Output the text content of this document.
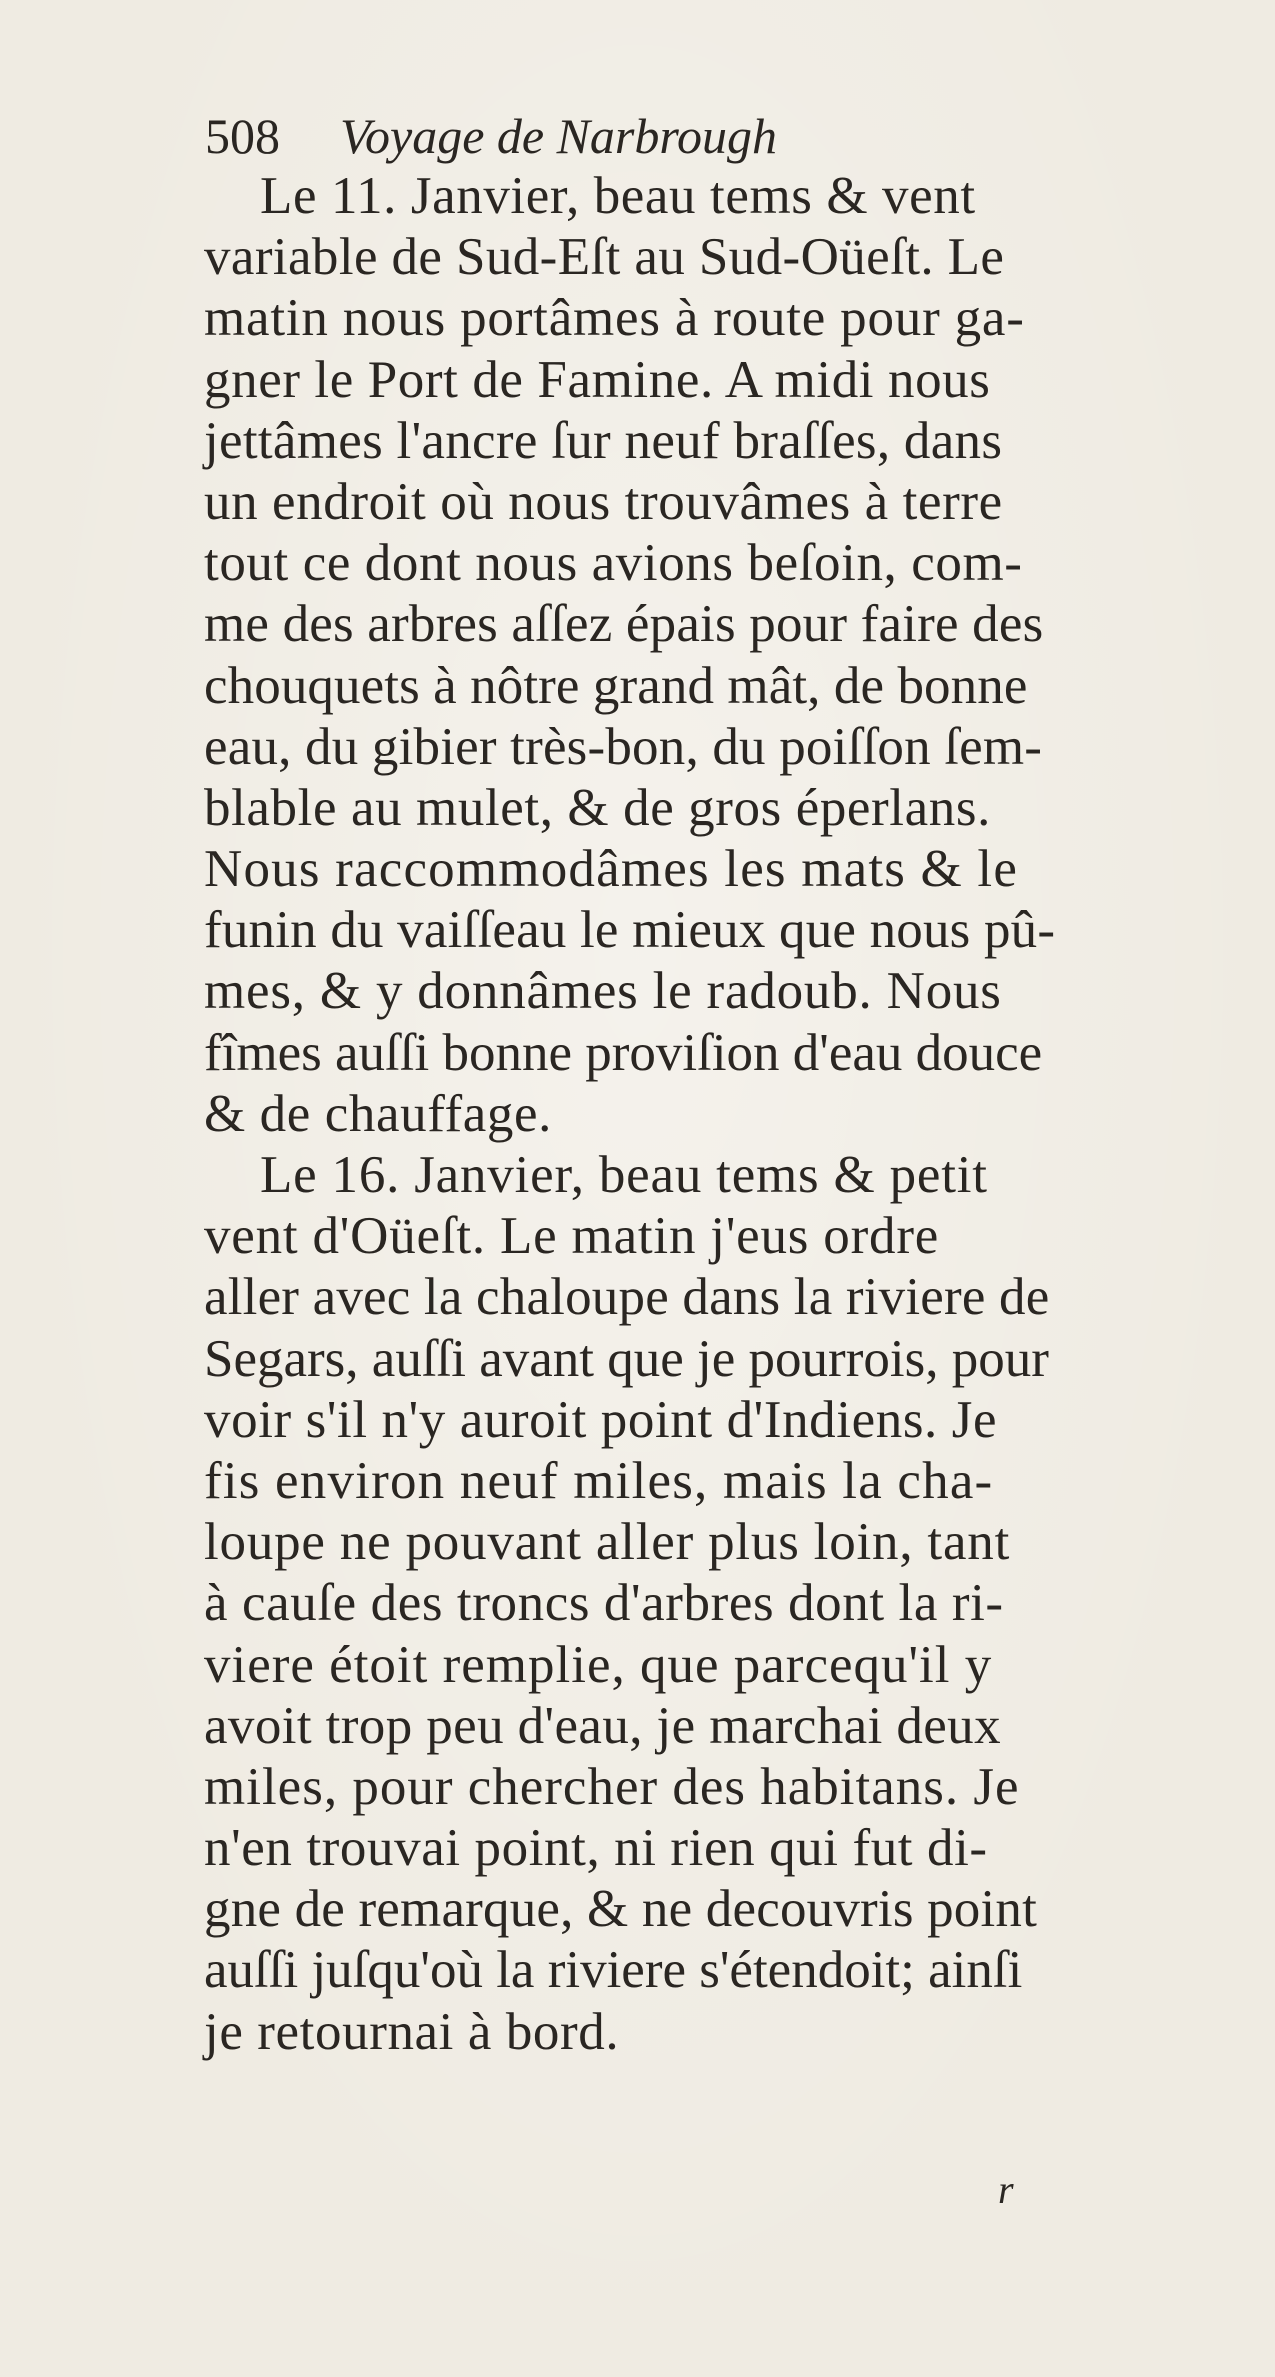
508 Voyage de Narbrough
Le 11. Janvier, beau tems & vent
variable de Sud-Eſt au Sud-Oüeſt. Le
matin nous portâmes à route pour ga-
gner le Port de Famine. A midi nous
jettâmes l'ancre ſur neuf braſſes, dans
un endroit où nous trouvâmes à terre
tout ce dont nous avions beſoin, com-
me des arbres aſſez épais pour faire des
chouquets à nôtre grand mât, de bonne
eau, du gibier très-bon, du poiſſon ſem-
blable au mulet, & de gros éperlans.
Nous raccommodâmes les mats & le
funin du vaiſſeau le mieux que nous pû-
mes, & y donnâmes le radoub. Nous
fîmes auſſi bonne proviſion d'eau douce
& de chauffage.
Le 16. Janvier, beau tems & petit
vent d'Oüeſt. Le matin j'eus ordre
aller avec la chaloupe dans la riviere de
Segars, auſſi avant que je pourrois, pour
voir s'il n'y auroit point d'Indiens. Je
fis environ neuf miles, mais la cha-
loupe ne pouvant aller plus loin, tant
à cauſe des troncs d'arbres dont la ri-
viere étoit remplie, que parcequ'il y
avoit trop peu d'eau, je marchai deux
miles, pour chercher des habitans. Je
n'en trouvai point, ni rien qui fut di-
gne de remarque, & ne decouvris point
auſſi juſqu'où la riviere s'étendoit; ainſi
je retournai à bord.
r
